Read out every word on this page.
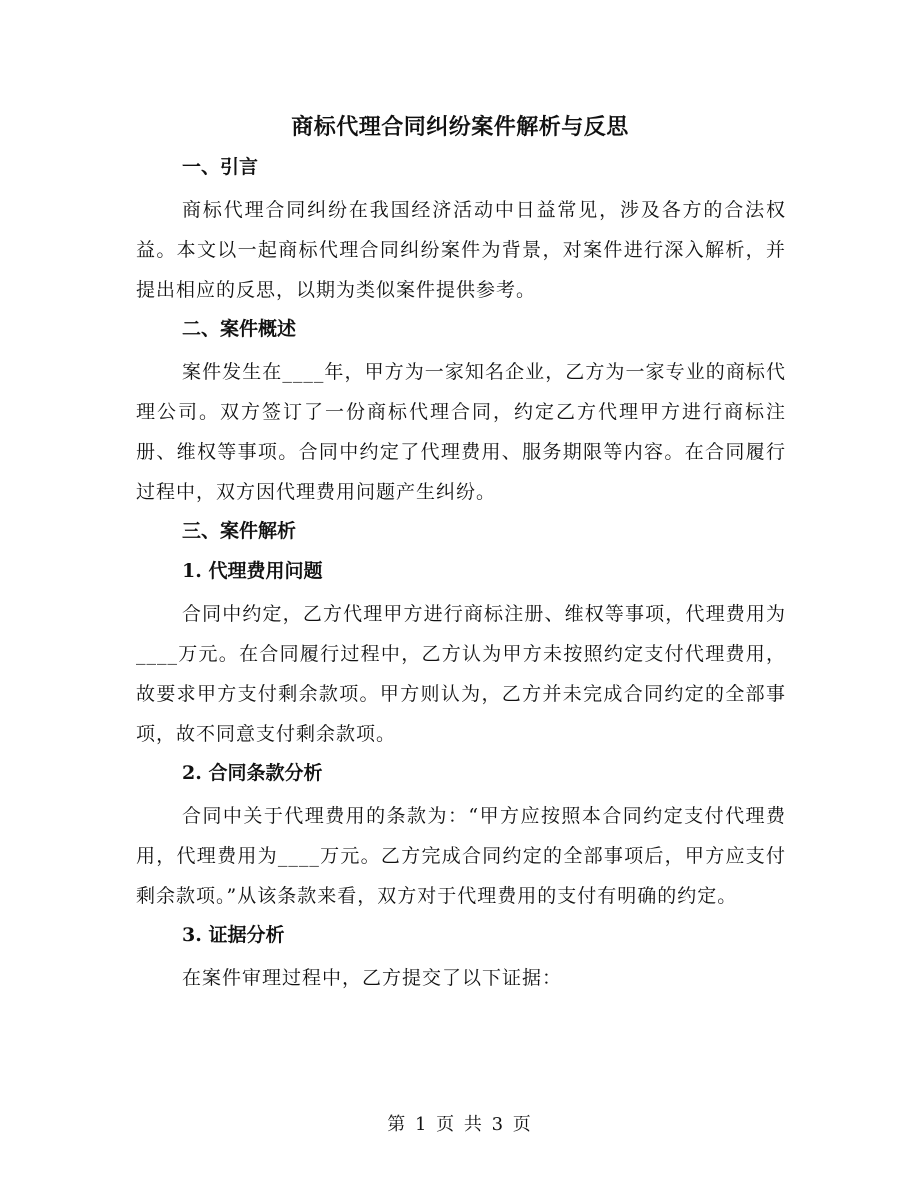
商标代理合同纠纷案件解析与反思
一、引言

商标代理合同纠纷在我国经济活动中日益常见，涉及各方的合法权益。本文以一起商标代理合同纠纷案件为背景，对案件进行深入解析，并提出相应的反思，以期为类似案件提供参考。

二、案件概述

案件发生在____年，甲方为一家知名企业，乙方为一家专业的商标代理公司。双方签订了一份商标代理合同，约定乙方代理甲方进行商标注册、维权等事项。合同中约定了代理费用、服务期限等内容。在合同履行过程中，双方因代理费用问题产生纠纷。

三、案件解析
1. 代理费用问题

合同中约定，乙方代理甲方进行商标注册、维权等事项，代理费用为____万元。在合同履行过程中，乙方认为甲方未按照约定支付代理费用，故要求甲方支付剩余款项。甲方则认为，乙方并未完成合同约定的全部事项，故不同意支付剩余款项。

2. 合同条款分析

合同中关于代理费用的条款为：“甲方应按照本合同约定支付代理费用，代理费用为____万元。乙方完成合同约定的全部事项后，甲方应支付剩余款项。”从该条款来看，双方对于代理费用的支付有明确的约定。

3. 证据分析

在案件审理过程中，乙方提交了以下证据：

第 1 页 共 3 页
